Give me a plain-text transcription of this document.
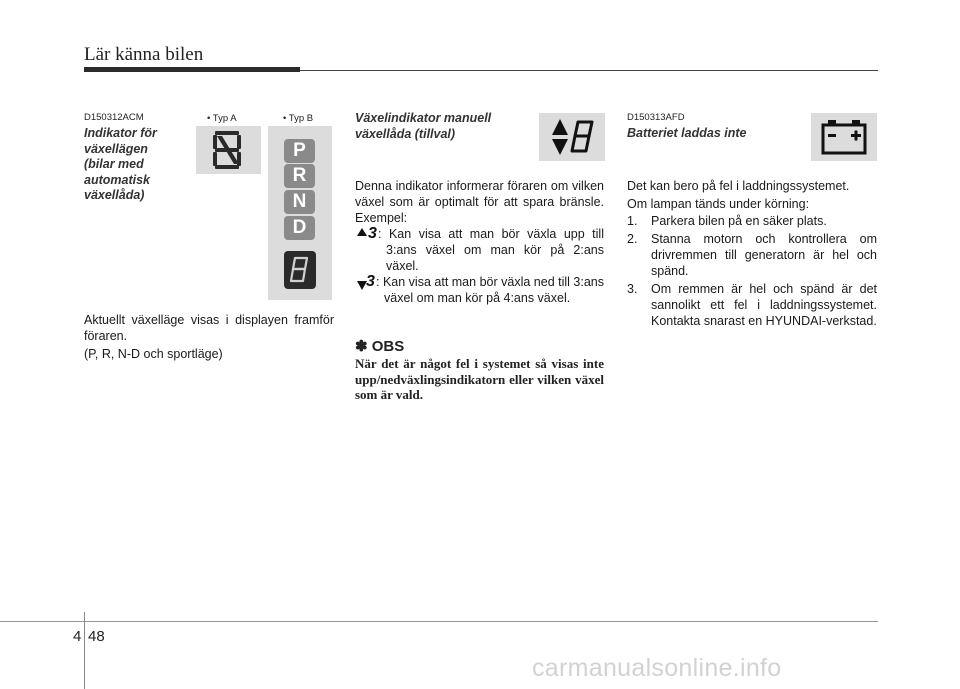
Lär känna bilen
D150312ACM
Indikator för
växellägen
(bilar med
automatisk
växellåda)
• Typ A	• Typ B
P
R
N
D
Aktuellt växelläge visas i displayen framför föraren.
(P, R, N-D och sportläge)
Växelindikator manuell
växellåda (tillval)
Denna indikator informerar föraren om vilken växel som är optimalt för att spara bränsle. Exempel:
3 : Kan visa att man bör växla upp till 3:ans växel om man kör på 2:ans växel.
3 : Kan visa att man bör växla ned till 3:ans växel om man kör på 4:ans växel.
✽ OBS
När det är något fel i systemet så visas inte upp/nedväxlingsindikatorn eller vilken växel som är vald.
D150313AFD
Batteriet laddas inte
Det kan bero på fel i laddningssystemet.
Om lampan tänds under körning:
1. Parkera bilen på en säker plats.
2. Stanna motorn och kontrollera om drivremmen till generatorn är hel och spänd.
3. Om remmen är hel och spänd är det sannolikt ett fel i laddningssystemet. Kontakta snarast en HYUNDAI-verkstad.
4 48
carmanualsonline.info
